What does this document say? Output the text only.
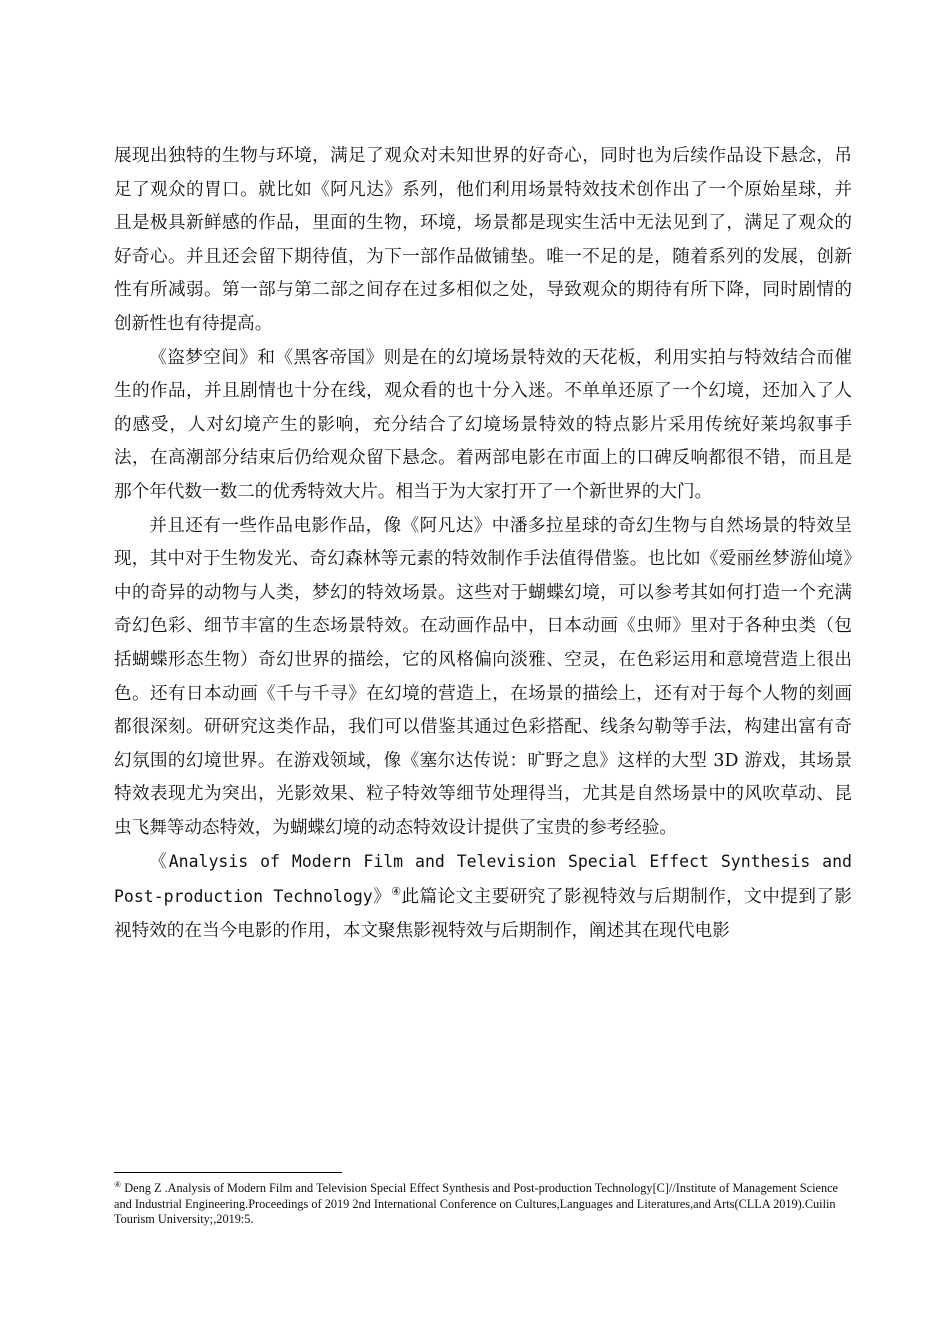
展现出独特的生物与环境，满足了观众对未知世界的好奇心，同时也为后续作品设下悬念，吊足了观众的胃口。就比如《阿凡达》系列，他们利用场景特效技术创作出了一个原始星球，并且是极具新鲜感的作品，里面的生物，环境，场景都是现实生活中无法见到了，满足了观众的好奇心。并且还会留下期待值，为下一部作品做铺垫。唯一不足的是，随着系列的发展，创新性有所减弱。第一部与第二部之间存在过多相似之处，导致观众的期待有所下降，同时剧情的创新性也有待提高。

《盗梦空间》和《黑客帝国》则是在的幻境场景特效的天花板，利用实拍与特效结合而催生的作品，并且剧情也十分在线，观众看的也十分入迷。不单单还原了一个幻境，还加入了人的感受，人对幻境产生的影响，充分结合了幻境场景特效的特点影片采用传统好莱坞叙事手法，在高潮部分结束后仍给观众留下悬念。着两部电影在市面上的口碑反响都很不错，而且是那个年代数一数二的优秀特效大片。相当于为大家打开了一个新世界的大门。

并且还有一些作品电影作品，像《阿凡达》中潘多拉星球的奇幻生物与自然场景的特效呈现，其中对于生物发光、奇幻森林等元素的特效制作手法值得借鉴。也比如《爱丽丝梦游仙境》中的奇异的动物与人类，梦幻的特效场景。这些对于蝴蝶幻境，可以参考其如何打造一个充满奇幻色彩、细节丰富的生态场景特效。在动画作品中，日本动画《虫师》里对于各种虫类（包括蝴蝶形态生物）奇幻世界的描绘，它的风格偏向淡雅、空灵，在色彩运用和意境营造上很出色。还有日本动画《千与千寻》在幻境的营造上，在场景的描绘上，还有对于每个人物的刻画都很深刻。研研究这类作品，我们可以借鉴其通过色彩搭配、线条勾勒等手法，构建出富有奇幻氛围的幻境世界。在游戏领域，像《塞尔达传说：旷野之息》这样的大型 3D 游戏，其场景特效表现尤为突出，光影效果、粒子特效等细节处理得当，尤其是自然场景中的风吹草动、昆虫飞舞等动态特效，为蝴蝶幻境的动态特效设计提供了宝贵的参考经验。

《Analysis of Modern Film and Television Special Effect Synthesis and Post-production Technology》④此篇论文主要研究了影视特效与后期制作，文中提到了影视特效的在当今电影的作用，本文聚焦影视特效与后期制作，阐述其在现代电影

④ Deng Z .Analysis of Modern Film and Television Special Effect Synthesis and Post-production Technology[C]//Institute of Management Science and Industrial Engineering.Proceedings of 2019 2nd International Conference on Cultures,Languages and Literatures,and Arts(CLLA 2019).Cuilin Tourism University;,2019:5.
